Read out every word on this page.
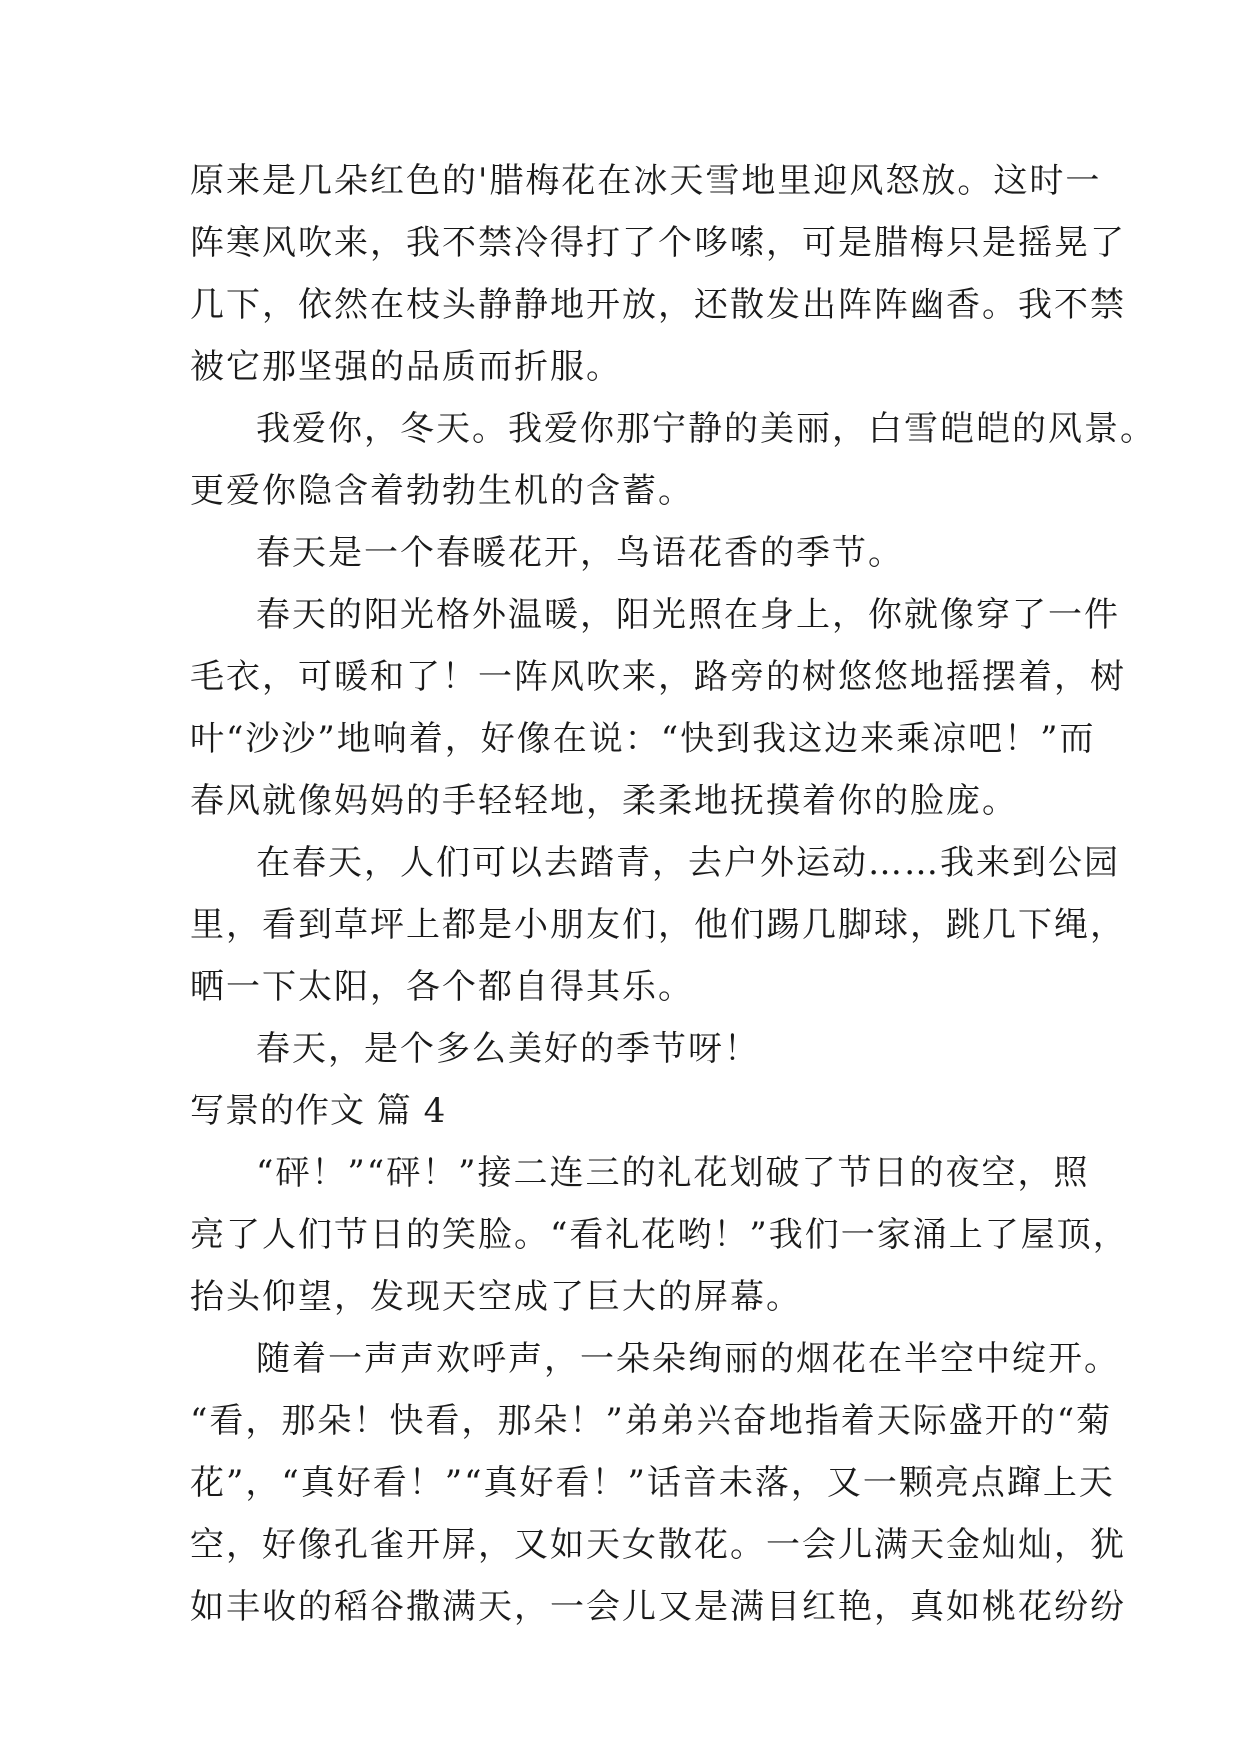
原来是几朵红色的'腊梅花在冰天雪地里迎风怒放。这时一
阵寒风吹来，我不禁冷得打了个哆嗦，可是腊梅只是摇晃了
几下，依然在枝头静静地开放，还散发出阵阵幽香。我不禁
被它那坚强的品质而折服。
我爱你，冬天。我爱你那宁静的美丽，白雪皑皑的风景。
更爱你隐含着勃勃生机的含蓄。
春天是一个春暖花开，鸟语花香的季节。
春天的阳光格外温暖，阳光照在身上，你就像穿了一件
毛衣，可暖和了！一阵风吹来，路旁的树悠悠地摇摆着，树
叶“沙沙”地响着，好像在说：“快到我这边来乘凉吧！”而
春风就像妈妈的手轻轻地，柔柔地抚摸着你的脸庞。
在春天，人们可以去踏青，去户外运动……我来到公园
里，看到草坪上都是小朋友们，他们踢几脚球，跳几下绳，
晒一下太阳，各个都自得其乐。
春天，是个多么美好的季节呀！
写景的作文 篇 4
“砰！”“砰！”接二连三的礼花划破了节日的夜空，照
亮了人们节日的笑脸。“看礼花哟！”我们一家涌上了屋顶，
抬头仰望，发现天空成了巨大的屏幕。
随着一声声欢呼声，一朵朵绚丽的烟花在半空中绽开。
“看，那朵！快看，那朵！”弟弟兴奋地指着天际盛开的“菊
花”，“真好看！”“真好看！”话音未落，又一颗亮点蹿上天
空，好像孔雀开屏，又如天女散花。一会儿满天金灿灿，犹
如丰收的稻谷撒满天，一会儿又是满目红艳，真如桃花纷纷
